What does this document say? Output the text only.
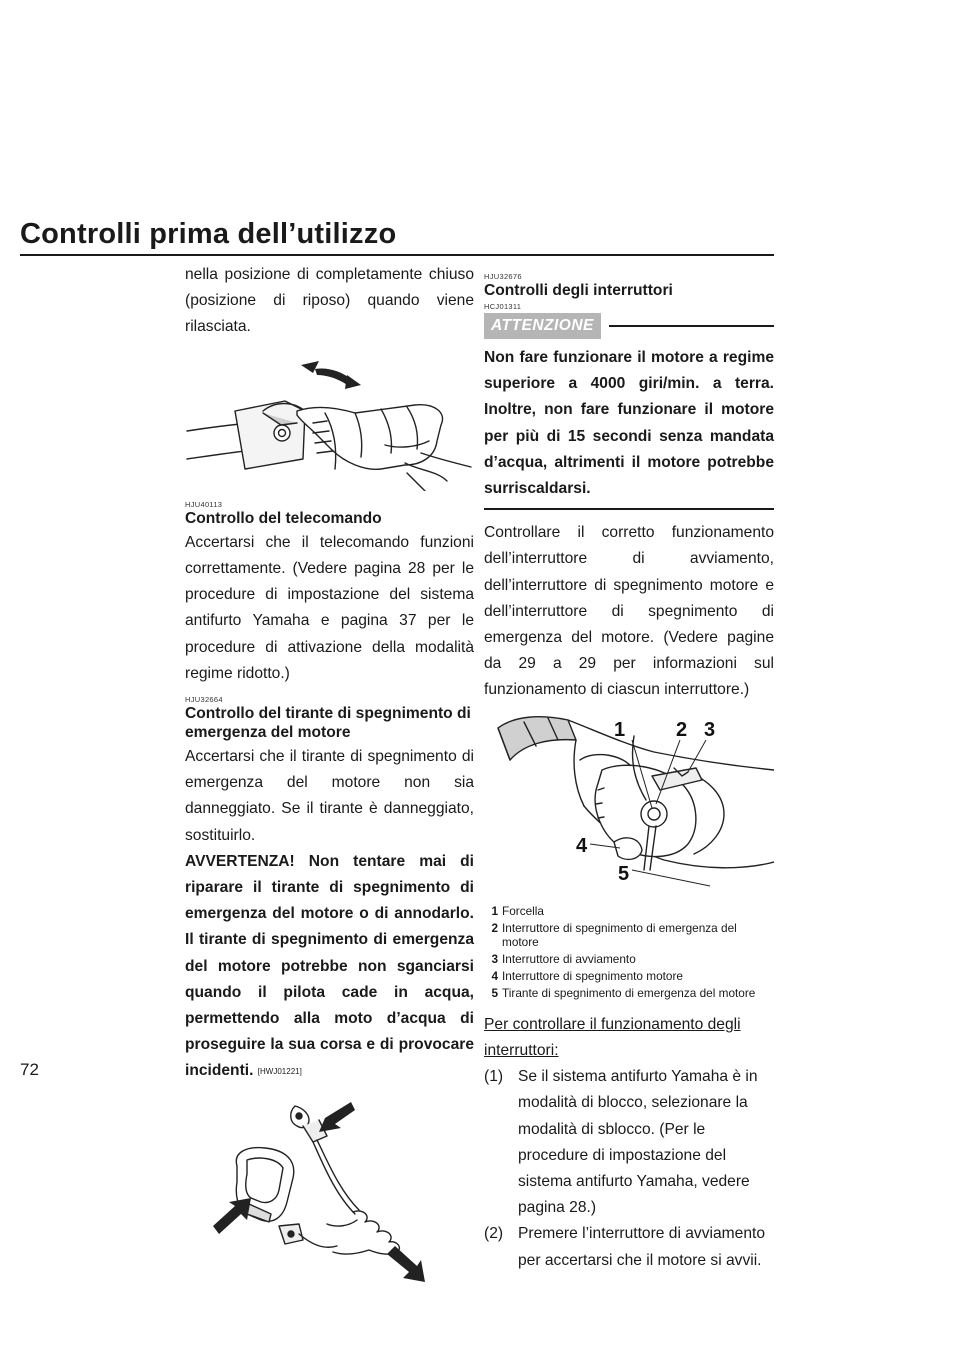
Controlli prima dell’utilizzo
72

nella posizione di completamente chiuso (posizione di riposo) quando viene rilasciata.

HJU40113

Controllo del telecomando

Accertarsi che il telecomando funzioni correttamente. (Vedere pagina 28 per le procedure di impostazione del sistema antifurto Yamaha e pagina 37 per le procedure di attivazione della modalità regime ridotto.)

HJU32664

Controllo del tirante di spegnimento di emergenza del motore

Accertarsi che il tirante di spegnimento di emergenza del motore non sia danneggiato. Se il tirante è danneggiato, sostituirlo.

AVVERTENZA! Non tentare mai di riparare il tirante di spegnimento di emergenza del motore o di annodarlo. Il tirante di spegnimento di emergenza del motore potrebbe non sganciarsi quando il pilota cade in acqua, permettendo alla moto d’acqua di proseguire la sua corsa e di provocare incidenti. [HWJ01221]

HJU32676

Controlli degli interruttori

HCJ01311

ATTENZIONE

Non fare funzionare il motore a regime superiore a 4000 giri/min. a terra. Inoltre, non fare funzionare il motore per più di 15 secondi senza mandata d’acqua, altrimenti il motore potrebbe surriscaldarsi.

Controllare il corretto funzionamento dell’interruttore di avviamento, dell’interruttore di spegnimento motore e dell’interruttore di spegnimento di emergenza del motore. (Vedere pagine da 29 a 29 per informazioni sul funzionamento di ciascun interruttore.)

1	2 3
4
5
1 Forcella
2 Interruttore di spegnimento di emergenza del motore
3 Interruttore di avviamento
4 Interruttore di spegnimento motore
5 Tirante di spegnimento di emergenza del motore

Per controllare il funzionamento degli interruttori:

(1) Se il sistema antifurto Yamaha è in modalità di blocco, selezionare la modalità di sblocco. (Per le procedure di impostazione del sistema antifurto Yamaha, vedere pagina 28.)
(2) Premere l’interruttore di avviamento per accertarsi che il motore si avvii.
